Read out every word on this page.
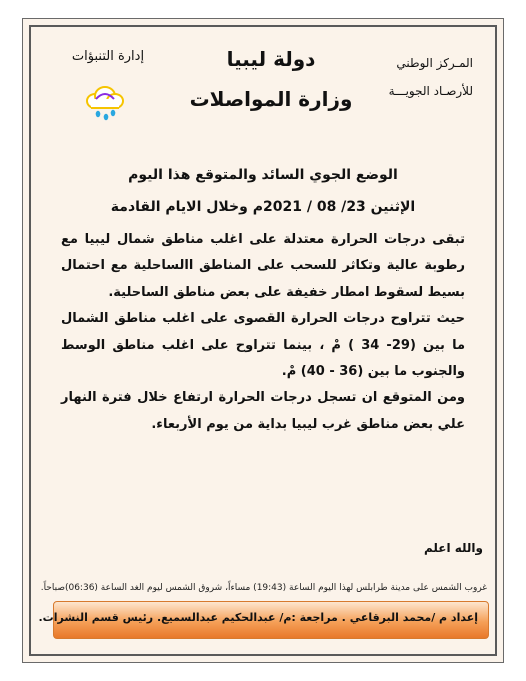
المـركز الوطني
للأرصـاد الجويـــة
دولة ليبيا
وزارة المواصلات
إدارة التنبؤات
الوضع الجوي السائد والمتوقع هذا اليوم
الإثنين 23/ 08 / 2021م وخلال الايام القادمة

تبقى درجات الحرارة معتدلة على اغلب مناطق شمال ليبيا مع رطوبة عالية وتكاثر للسحب على المناطق االساحلية مع احتمال بسيط لسقوط امطار خفيفة على بعض مناطق الساحلية.

حيث تتراوح درجات الحرارة القصوى على اغلب مناطق الشمال ما بين (29- 34 ) مْ ، بينما تتراوح على اغلب مناطق الوسط والجنوب ما بين (36 - 40) مْ.

ومن المتوقع ان تسجل درجات الحرارة ارتفاع خلال فترة النهار علي بعض مناطق غرب ليبيا بداية من يوم الأربعاء.

والله اعلم
غروب الشمس على مدينة طرابلس لهذا اليوم الساعة (19:43) مساءاً، شروق الشمس ليوم الغد الساعة (06:36)صباحاً.
إعداد م /محمد البرقاعي . مراجعة :م/ عبدالحكيم عبدالسميع. رئيس قسم النشرات.
